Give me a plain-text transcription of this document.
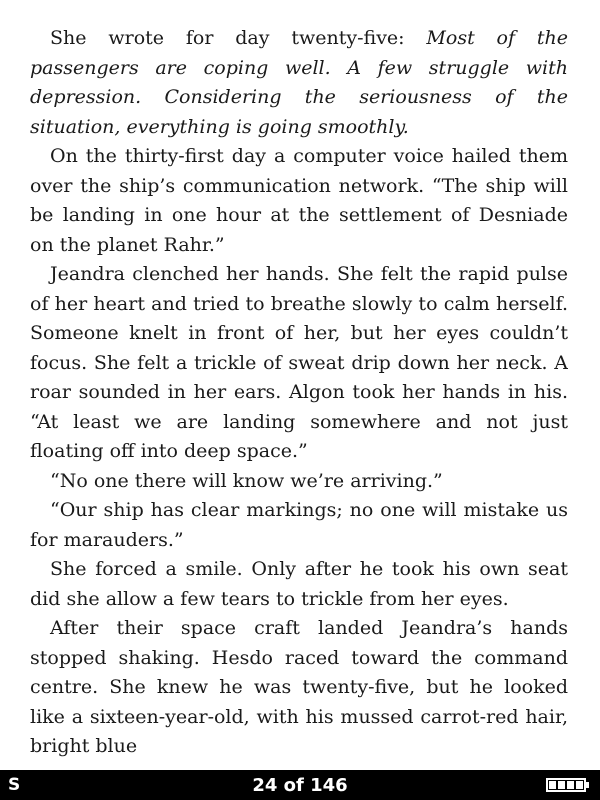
She wrote for day twenty-five: Most of the passengers are coping well. A few struggle with depression. Considering the seriousness of the situation, everything is going smoothly.

On the thirty-first day a computer voice hailed them over the ship’s communication network. “The ship will be landing in one hour at the settlement of Desniade on the planet Rahr.”

Jeandra clenched her hands. She felt the rapid pulse of her heart and tried to breathe slowly to calm herself. Someone knelt in front of her, but her eyes couldn’t focus. She felt a trickle of sweat drip down her neck. A roar sounded in her ears. Algon took her hands in his. “At least we are landing somewhere and not just floating off into deep space.”

“No one there will know we’re arriving.”

“Our ship has clear markings; no one will mistake us for marauders.”

She forced a smile. Only after he took his own seat did she allow a few tears to trickle from her eyes.

After their space craft landed Jeandra’s hands stopped shaking. Hesdo raced toward the command centre. She knew he was twenty-five, but he looked like a sixteen-year-old, with his mussed carrot-red hair, bright blue

S	24 of 146
